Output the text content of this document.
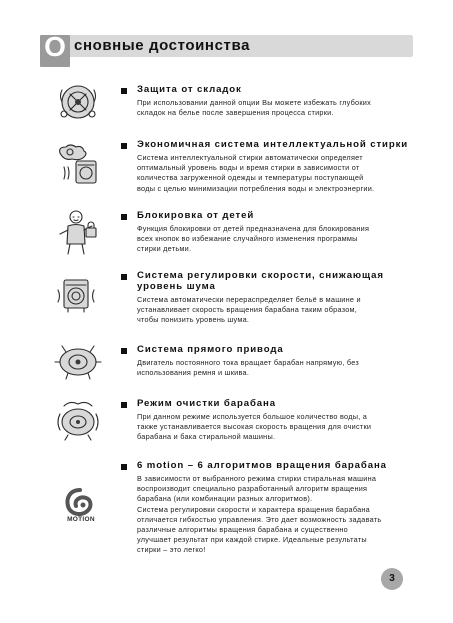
О сновные достоинства
Защита от складок
При использовании данной опции Вы можете избежать глубоких
складок на белье после завершения процесса стирки.
Экономичная система интеллектуальной стирки
Система интеллектуальной стирки автоматически определяет
оптимальный уровень воды и время стирки в зависимости от
количества загруженной одежды и температуры поступающей
воды с целью минимизации потребления воды и электроэнергии.
Блокировка от детей
Функция блокировки от детей предназначена для блокирования
всех кнопок во избежание случайного изменения программы
стирки детьми.
Система регулировки скорости, снижающая
уровень шума
Система автоматически перераспределяет бельё в машине и
устанавливает скорость вращения барабана таким образом,
чтобы понизить уровень шума.
Система прямого привода
Двигатель постоянного тока вращает барабан напрямую, без
использования ремня и шкива.
Режим очистки барабана
При данном режиме используется большое количество воды, а
также устанавливается высокая скорость вращения для очистки
барабана и бака стиральной машины.
6 motion – 6 алгоритмов вращения барабана
В зависимости от выбранного режима стирки стиральная машина
воспроизводит специально разработанный алгоритм вращения
барабана (или комбинации разных алгоритмов).
Система регулировки скорости и характера вращения барабана
отличается гибкостью управления. Это дает возможность задавать
различные алгоритмы вращения барабана и существенно
улучшает результат при каждой стирке. Идеальные результаты
стирки – это легко!
MOTION
3
